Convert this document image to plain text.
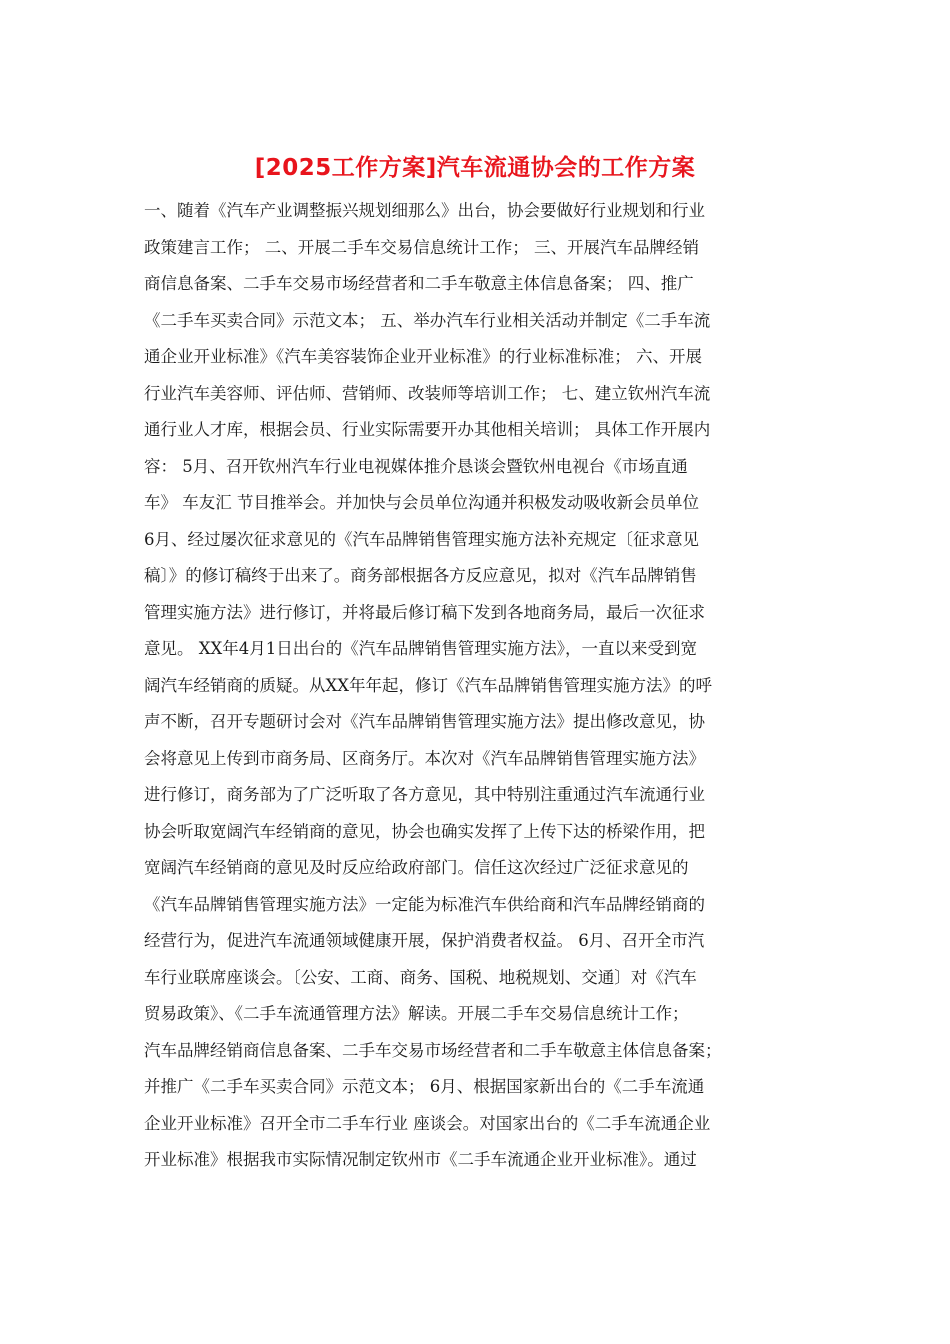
[2025工作方案]汽车流通协会的工作方案
一、随着《汽车产业调整振兴规划细那么》出台，协会要做好行业规划和行业
政策建言工作； 二、开展二手车交易信息统计工作； 三、开展汽车品牌经销
商信息备案、二手车交易市场经营者和二手车敬意主体信息备案； 四、推广
《二手车买卖合同》示范文本； 五、举办汽车行业相关活动并制定《二手车流
通企业开业标准》《汽车美容装饰企业开业标准》的行业标准标准； 六、开展
行业汽车美容师、评估师、营销师、改装师等培训工作； 七、建立钦州汽车流
通行业人才库，根据会员、行业实际需要开办其他相关培训； 具体工作开展内
容： 5月、召开钦州汽车行业电视媒体推介恳谈会暨钦州电视台《市场直通
车》 车友汇 节目推举会。并加快与会员单位沟通并积极发动吸收新会员单位
6月、经过屡次征求意见的《汽车品牌销售管理实施方法补充规定〔征求意见
稿〕》的修订稿终于出来了。商务部根据各方反应意见，拟对《汽车品牌销售
管理实施方法》进行修订，并将最后修订稿下发到各地商务局，最后一次征求
意见。 XX年4月1日出台的《汽车品牌销售管理实施方法》，一直以来受到宽
阔汽车经销商的质疑。从XX年年起，修订《汽车品牌销售管理实施方法》的呼
声不断，召开专题研讨会对《汽车品牌销售管理实施方法》提出修改意见，协
会将意见上传到市商务局、区商务厅。本次对《汽车品牌销售管理实施方法》
进行修订，商务部为了广泛听取了各方意见，其中特别注重通过汽车流通行业
协会听取宽阔汽车经销商的意见，协会也确实发挥了上传下达的桥梁作用，把
宽阔汽车经销商的意见及时反应给政府部门。信任这次经过广泛征求意见的
《汽车品牌销售管理实施方法》一定能为标准汽车供给商和汽车品牌经销商的
经营行为，促进汽车流通领域健康开展，保护消费者权益。 6月、召开全市汽
车行业联席座谈会。〔公安、工商、商务、国税、地税规划、交通〕对《汽车
贸易政策》、《二手车流通管理方法》解读。开展二手车交易信息统计工作；
汽车品牌经销商信息备案、二手车交易市场经营者和二手车敬意主体信息备案；
并推广《二手车买卖合同》示范文本； 6月、根据国家新出台的《二手车流通
企业开业标准》召开全市二手车行业 座谈会。对国家出台的《二手车流通企业
开业标准》根据我市实际情况制定钦州市《二手车流通企业开业标准》。通过
